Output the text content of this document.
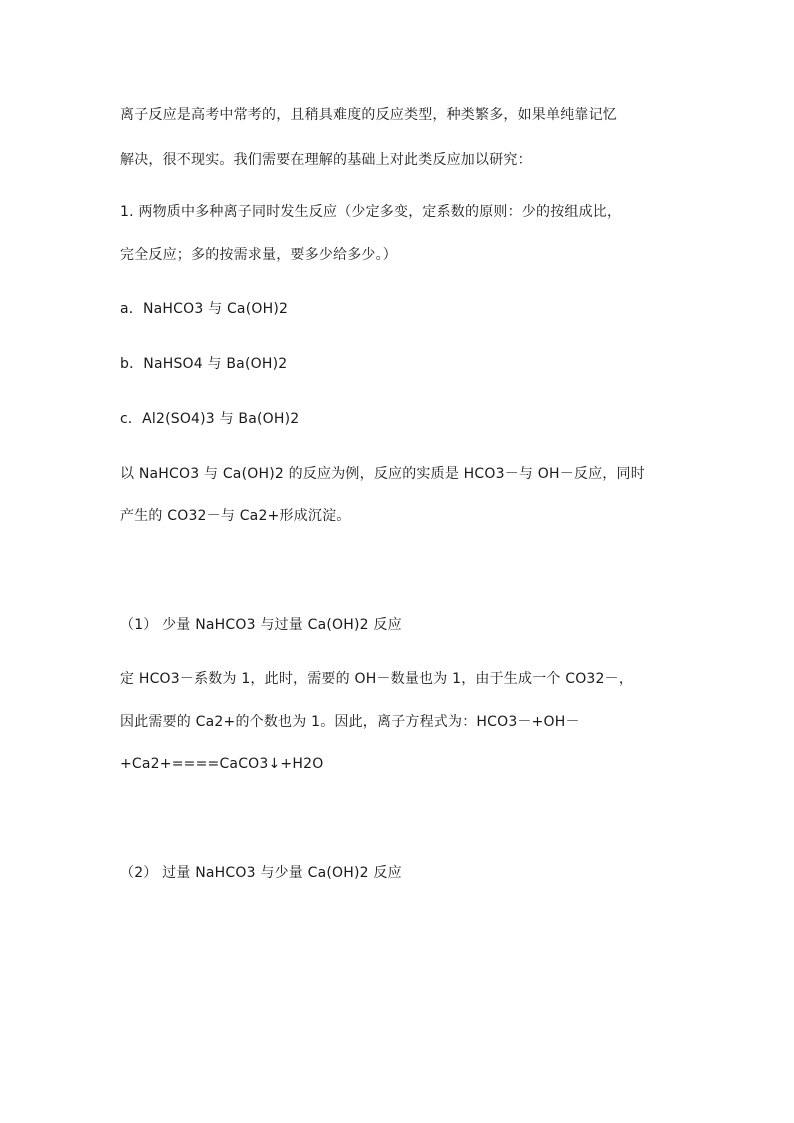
离子反应是高考中常考的，且稍具难度的反应类型，种类繁多，如果单纯靠记忆
解决，很不现实。我们需要在理解的基础上对此类反应加以研究：
1. 两物质中多种离子同时发生反应（少定多变，定系数的原则：少的按组成比，
完全反应；多的按需求量，要多少给多少。）
a．NaHCO3 与 Ca(OH)2
b．NaHSO4 与 Ba(OH)2
c．Al2(SO4)3 与 Ba(OH)2
以 NaHCO3 与 Ca(OH)2 的反应为例，反应的实质是 HCO3－与 OH－反应，同时
产生的 CO32－与 Ca2+形成沉淀。
（1） 少量 NaHCO3 与过量 Ca(OH)2 反应
定 HCO3－系数为 1，此时，需要的 OH－数量也为 1，由于生成一个 CO32－，
因此需要的 Ca2+的个数也为 1。因此，离子方程式为：HCO3－+OH－
+Ca2+====CaCO3↓+H2O
（2） 过量 NaHCO3 与少量 Ca(OH)2 反应
